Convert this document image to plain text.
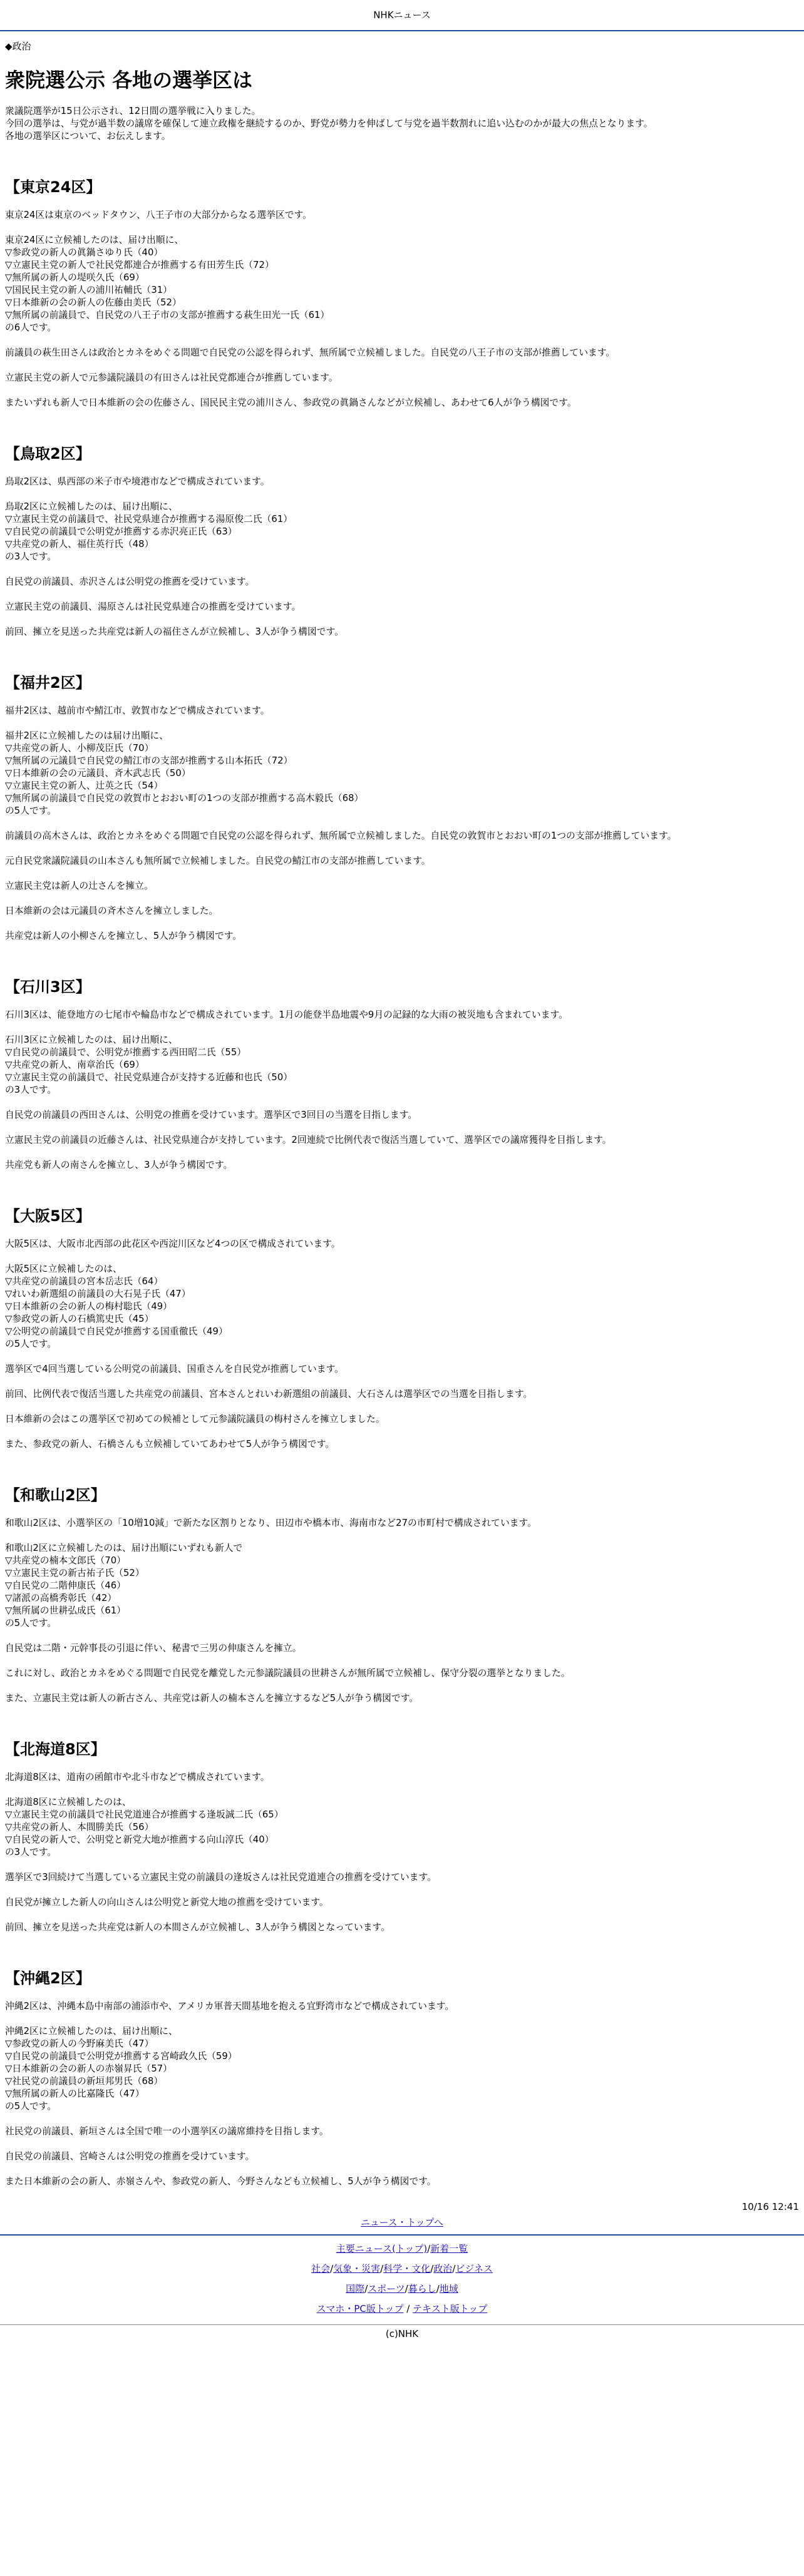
NHKニュース
◆政治
衆院選公示 各地の選挙区は
衆議院選挙が15日公示され、12日間の選挙戦に入りました。
今回の選挙は、与党が過半数の議席を確保して連立政権を継続するのか、野党が勢力を伸ばして与党を過半数割れに追い込むのかが最大の焦点となります。
各地の選挙区について、お伝えします。
【東京24区】

東京24区は東京のベッドタウン、八王子市の大部分からなる選挙区です。

東京24区に立候補したのは、届け出順に、
▽参政党の新人の眞鍋さゆり氏（40）
▽立憲民主党の新人で社民党都連合が推薦する有田芳生氏（72）
▽無所属の新人の堤咲久氏（69）
▽国民民主党の新人の浦川祐輔氏（31）
▽日本維新の会の新人の佐藤由美氏（52）
▽無所属の前議員で、自民党の八王子市の支部が推薦する萩生田光一氏（61）
の6人です。

前議員の萩生田さんは政治とカネをめぐる問題で自民党の公認を得られず、無所属で立候補しました。自民党の八王子市の支部が推薦しています。

立憲民主党の新人で元参議院議員の有田さんは社民党都連合が推薦しています。

またいずれも新人で日本維新の会の佐藤さん、国民民主党の浦川さん、参政党の眞鍋さんなどが立候補し、あわせて6人が争う構図です。

【鳥取2区】

鳥取2区は、県西部の米子市や境港市などで構成されています。

鳥取2区に立候補したのは、届け出順に、
▽立憲民主党の前議員で、社民党県連合が推薦する湯原俊二氏（61）
▽自民党の前議員で公明党が推薦する赤沢亮正氏（63）
▽共産党の新人、福住英行氏（48）
の3人です。

自民党の前議員、赤沢さんは公明党の推薦を受けています。

立憲民主党の前議員、湯原さんは社民党県連合の推薦を受けています。

前回、擁立を見送った共産党は新人の福住さんが立候補し、3人が争う構図です。

【福井2区】

福井2区は、越前市や鯖江市、敦賀市などで構成されています。

福井2区に立候補したのは届け出順に、
▽共産党の新人、小柳茂臣氏（70）
▽無所属の元議員で自民党の鯖江市の支部が推薦する山本拓氏（72）
▽日本維新の会の元議員、斉木武志氏（50）
▽立憲民主党の新人、辻英之氏（54）
▽無所属の前議員で自民党の敦賀市とおおい町の1つの支部が推薦する高木毅氏（68）
の5人です。

前議員の高木さんは、政治とカネをめぐる問題で自民党の公認を得られず、無所属で立候補しました。自民党の敦賀市とおおい町の1つの支部が推薦しています。

元自民党衆議院議員の山本さんも無所属で立候補しました。自民党の鯖江市の支部が推薦しています。

立憲民主党は新人の辻さんを擁立。

日本維新の会は元議員の斉木さんを擁立しました。

共産党は新人の小柳さんを擁立し、5人が争う構図です。

【石川3区】

石川3区は、能登地方の七尾市や輪島市などで構成されています。1月の能登半島地震や9月の記録的な大雨の被災地も含まれています。

石川3区に立候補したのは、届け出順に、
▽自民党の前議員で、公明党が推薦する西田昭二氏（55）
▽共産党の新人、南章治氏（69）
▽立憲民主党の前議員で、社民党県連合が支持する近藤和也氏（50）
の3人です。

自民党の前議員の西田さんは、公明党の推薦を受けています。選挙区で3回目の当選を目指します。

立憲民主党の前議員の近藤さんは、社民党県連合が支持しています。2回連続で比例代表で復活当選していて、選挙区での議席獲得を目指します。

共産党も新人の南さんを擁立し、3人が争う構図です。

【大阪5区】

大阪5区は、大阪市北西部の此花区や西淀川区など4つの区で構成されています。

大阪5区に立候補したのは、
▽共産党の前議員の宮本岳志氏（64）
▽れいわ新選組の前議員の大石晃子氏（47）
▽日本維新の会の新人の梅村聡氏（49）
▽参政党の新人の石橋篤史氏（45）
▽公明党の前議員で自民党が推薦する国重徹氏（49）
の5人です。

選挙区で4回当選している公明党の前議員、国重さんを自民党が推薦しています。

前回、比例代表で復活当選した共産党の前議員、宮本さんとれいわ新選組の前議員、大石さんは選挙区での当選を目指します。

日本維新の会はこの選挙区で初めての候補として元参議院議員の梅村さんを擁立しました。

また、参政党の新人、石橋さんも立候補していてあわせて5人が争う構図です。

【和歌山2区】

和歌山2区は、小選挙区の「10増10減」で新たな区割りとなり、田辺市や橋本市、海南市など27の市町村で構成されています。

和歌山2区に立候補したのは、届け出順にいずれも新人で
▽共産党の楠本文郎氏（70）
▽立憲民主党の新古祐子氏（52）
▽自民党の二階伸康氏（46）
▽諸派の高橋秀彰氏（42）
▽無所属の世耕弘成氏（61）
の5人です。

自民党は二階・元幹事長の引退に伴い、秘書で三男の伸康さんを擁立。

これに対し、政治とカネをめぐる問題で自民党を離党した元参議院議員の世耕さんが無所属で立候補し、保守分裂の選挙となりました。

また、立憲民主党は新人の新古さん、共産党は新人の楠本さんを擁立するなど5人が争う構図です。

【北海道8区】

北海道8区は、道南の函館市や北斗市などで構成されています。

北海道8区に立候補したのは、
▽立憲民主党の前議員で社民党道連合が推薦する逢坂誠二氏（65）
▽共産党の新人、本間勝美氏（56）
▽自民党の新人で、公明党と新党大地が推薦する向山淳氏（40）
の3人です。

選挙区で3回続けて当選している立憲民主党の前議員の逢坂さんは社民党道連合の推薦を受けています。

自民党が擁立した新人の向山さんは公明党と新党大地の推薦を受けています。

前回、擁立を見送った共産党は新人の本間さんが立候補し、3人が争う構図となっています。

【沖縄2区】

沖縄2区は、沖縄本島中南部の浦添市や、アメリカ軍普天間基地を抱える宜野湾市などで構成されています。

沖縄2区に立候補したのは、届け出順に、
▽参政党の新人の今野麻美氏（47）
▽自民党の前議員で公明党が推薦する宮崎政久氏（59）
▽日本維新の会の新人の赤嶺昇氏（57）
▽社民党の前議員の新垣邦男氏（68）
▽無所属の新人の比嘉隆氏（47）
の5人です。

社民党の前議員、新垣さんは全国で唯一の小選挙区の議席維持を目指します。

自民党の前議員、宮崎さんは公明党の推薦を受けています。

また日本維新の会の新人、赤嶺さんや、参政党の新人、今野さんなども立候補し、5人が争う構図です。

10/16 12:41
ニュース・トップへ
主要ニュース(トップ)/新着一覧
社会/気象・災害/科学・文化/政治/ビジネス
国際/スポーツ/暮らし/地域
スマホ・PC版トップ / テキスト版トップ
(c)NHK
